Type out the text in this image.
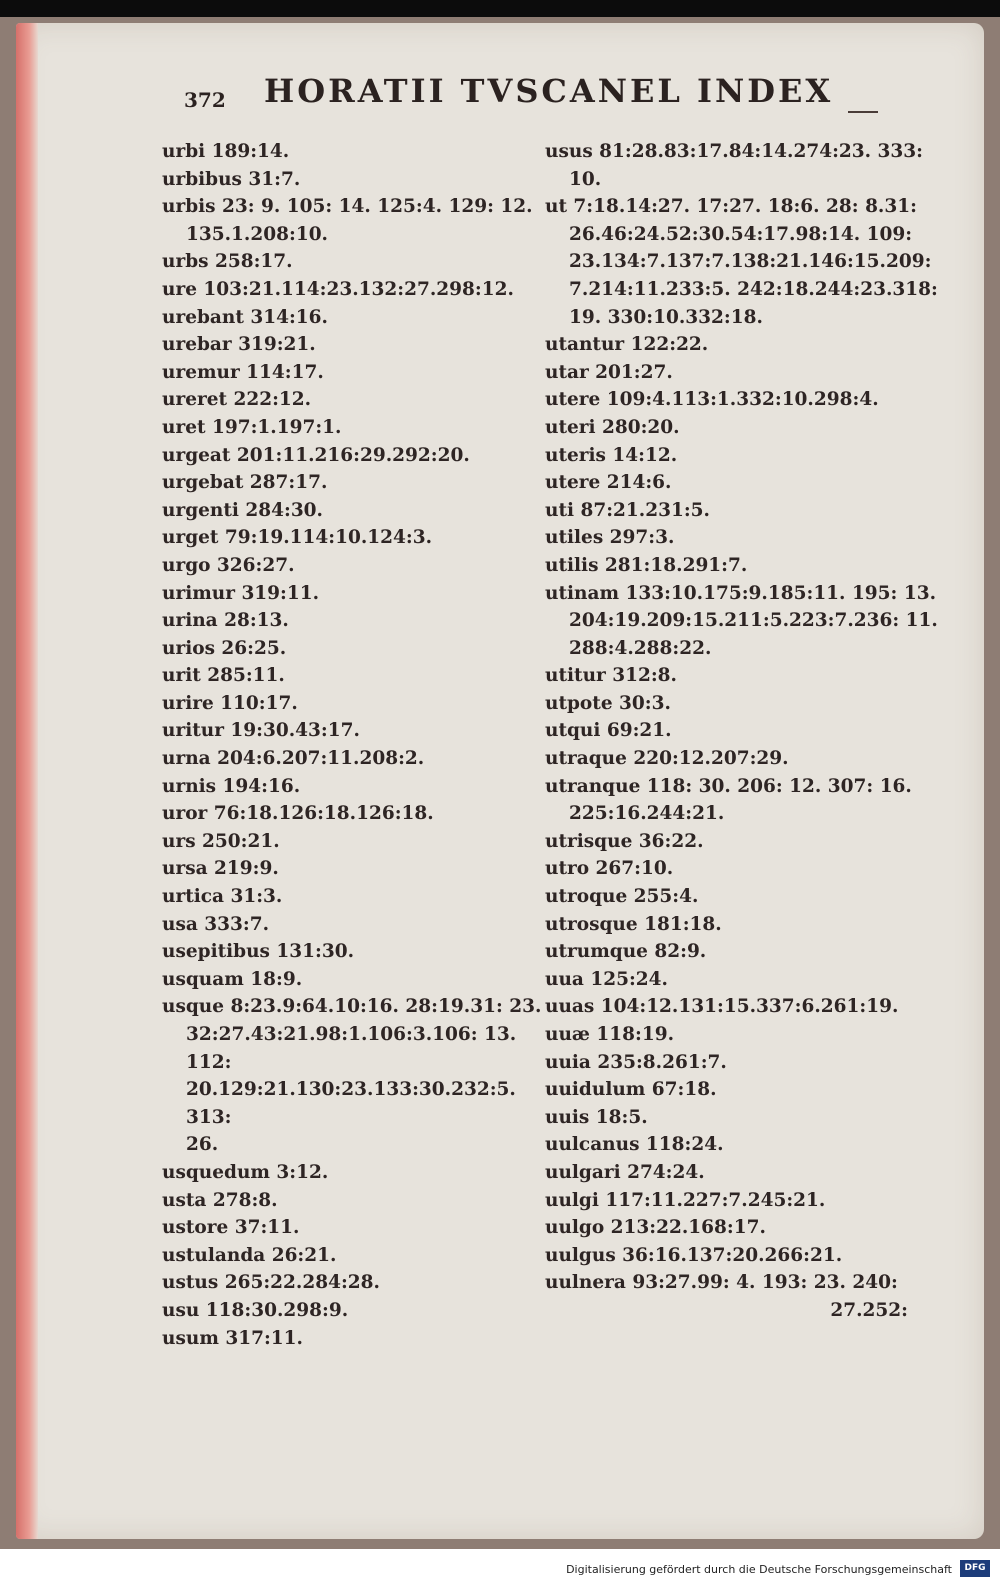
372 HORATII TVSCANEL INDEX

urbi 189:14.

urbibus 31:7.

urbis 23: 9. 105: 14. 125:4. 129: 12.

135.1.208:10.

urbs 258:17.

ure 103:21.114:23.132:27.298:12.

urebant 314:16.

urebar 319:21.

uremur 114:17.

ureret 222:12.

uret 197:1.197:1.

urgeat 201:11.216:29.292:20.

urgebat 287:17.

urgenti 284:30.

urget 79:19.114:10.124:3.

urgo 326:27.

urimur 319:11.

urina 28:13.

urios 26:25.

urit 285:11.

urire 110:17.

uritur 19:30.43:17.

urna 204:6.207:11.208:2.

urnis 194:16.

uror 76:18.126:18.126:18.

urs 250:21.

ursa 219:9.

urtica 31:3.

usa 333:7.

usepitibus 131:30.

usquam 18:9.

usque 8:23.9:64.10:16. 28:19.31: 23.

32:27.43:21.98:1.106:3.106: 13. 112:

20.129:21.130:23.133:30.232:5. 313:

26.

usquedum 3:12.

usta 278:8.

ustore 37:11.

ustulanda 26:21.

ustus 265:22.284:28.

usu 118:30.298:9.

usum 317:11.

usus 81:28.83:17.84:14.274:23. 333:

10.

ut 7:18.14:27. 17:27. 18:6. 28: 8.31:

26.46:24.52:30.54:17.98:14. 109:

23.134:7.137:7.138:21.146:15.209:

7.214:11.233:5. 242:18.244:23.318:

19. 330:10.332:18.

utantur 122:22.

utar 201:27.

utere 109:4.113:1.332:10.298:4.

uteri 280:20.

uteris 14:12.

utere 214:6.

uti 87:21.231:5.

utiles 297:3.

utilis 281:18.291:7.

utinam 133:10.175:9.185:11. 195: 13.

204:19.209:15.211:5.223:7.236: 11.

288:4.288:22.

utitur 312:8.

utpote 30:3.

utqui 69:21.

utraque 220:12.207:29.

utranque 118: 30. 206: 12. 307: 16.

225:16.244:21.

utrisque 36:22.

utro 267:10.

utroque 255:4.

utrosque 181:18.

utrumque 82:9.

uua 125:24.

uuas 104:12.131:15.337:6.261:19.

uuæ 118:19.

uuia 235:8.261:7.

uuidulum 67:18.

uuis 18:5.

uulcanus 118:24.

uulgari 274:24.

uulgi 117:11.227:7.245:21.

uulgo 213:22.168:17.

uulgus 36:16.137:20.266:21.

uulnera 93:27.99: 4. 193: 23. 240:

27.252:

Digitalisierung gefördert durch die Deutsche Forschungsgemeinschaft	DFG
